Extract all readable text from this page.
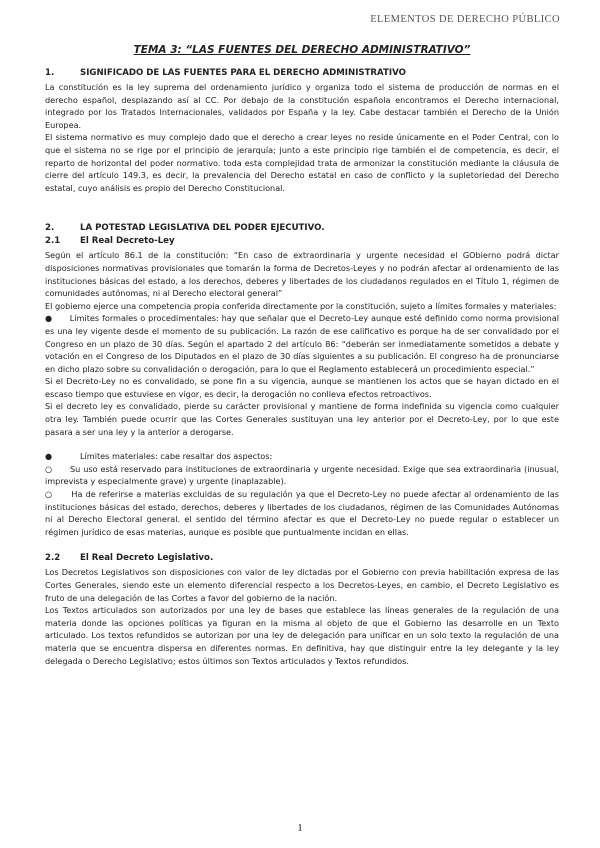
ELEMENTOS DE DERECHO PÚBLICO
TEMA 3: “LAS FUENTES DEL DERECHO ADMINISTRATIVO”
1.	SIGNIFICADO DE LAS FUENTES PARA EL DERECHO ADMINISTRATIVO

La constitución es la ley suprema del ordenamiento jurídico y organiza todo el sistema de producción de normas en el derecho español, desplazando así al CC. Por debajo de la constitución española encontramos el Derecho internacional, integrado por los Tratados Internacionales, validados por España y la ley. Cabe destacar también el Derecho de la Unión Europea.

El sistema normativo es muy complejo dado que el derecho a crear leyes no reside únicamente en el Poder Central, con lo que el sistema no se rige por el principio de jerarquía; junto a este principio rige también el de competencia, es decir, el reparto de horizontal del poder normativo. toda esta complejidad trata de armonizar la constitución mediante la cláusula de cierre del artículo 149.3, es decir, la prevalencia del Derecho estatal en caso de conflicto y la supletoriedad del Derecho estatal, cuyo análisis es propio del Derecho Constitucional.

2.	LA POTESTAD LEGISLATIVA DEL PODER EJECUTIVO.
2.1	El Real Decreto-Ley

Según el artículo 86.1 de la constitución: “En caso de extraordinaria y urgente necesidad el GObierno podrá dictar disposiciones normativas provisionales que tomarán la forma de Decretos-Leyes y no podrán afectar al ordenamiento de las instituciones básicas del estado, a los derechos, deberes y libertades de los ciudadanos regulados en el Título 1, régimen de comunidades autónomas, ni al Derecho electoral general”

El gobierno ejerce una competencia propia conferida directamente por la constitución, sujeto a límites formales y materiales:

● Límites formales o procedimentales: hay que señalar que el Decreto-Ley aunque esté definido como norma provisional es una ley vigente desde el momento de su publicación. La razón de ese calificativo es porque ha de ser convalidado por el Congreso en un plazo de 30 días. Según el apartado 2 del artículo 86: “deberán ser inmediatamente sometidos a debate y votación en el Congreso de los Diputados en el plazo de 30 días siguientes a su publicación. El congreso ha de pronunciarse en dicho plazo sobre su convalidación o derogación, para lo que el Reglamento establecerá un procedimiento especial.”

Si el Decreto-Ley no es convalidado, se pone fin a su vigencia, aunque se mantienen los actos que se hayan dictado en el escaso tiempo que estuviese en vigor, es decir, la derogación no conlleva efectos retroactivos.

Si el decreto ley es convalidado, pierde su carácter provisional y mantiene de forma indefinida su vigencia como cualquier otra ley. También puede ocurrir que las Cortes Generales sustituyan una ley anterior por el Decreto-Ley, por lo que este pasara a ser una ley y la anterior a derogarse.

●	Límites materiales: cabe resaltar dos aspectos:

○ Su uso está reservado para instituciones de extraordinaria y urgente necesidad. Exige que sea extraordinaria (inusual, imprevista y especialmente grave) y urgente (inaplazable).

○ Ha de referirse a materias excluidas de su regulación ya que el Decreto-Ley no puede afectar al ordenamiento de las instituciones básicas del estado, derechos, deberes y libertades de los ciudadanos, régimen de las Comunidades Autónomas ni al Derecho Electoral general. el sentido del término afectar es que el Decreto-Ley no puede regular o establecer un régimen jurídico de esas materias, aunque es posible que puntualmente incidan en ellas.

2.2	El Real Decreto Legislativo.

Los Decretos Legislativos son disposiciones con valor de ley dictadas por el Gobierno con previa habilitación expresa de las Cortes Generales, siendo este un elemento diferencial respecto a los Decretos-Leyes, en cambio, el Decreto Legislativo es fruto de una delegación de las Cortes a favor del gobierno de la nación.

Los Textos articulados son autorizados por una ley de bases que establece las líneas generales de la regulación de una materia donde las opciones políticas ya figuran en la misma al objeto de que el Gobierno las desarrolle en un Texto articulado. Los textos refundidos se autorizan por una ley de delegación para unificar en un solo texto la regulación de una materia que se encuentra dispersa en diferentes normas. En definitiva, hay que distinguir entre la ley delegante y la ley delegada o Derecho Legislativo; estos últimos son Textos articulados y Textos refundidos.

1
